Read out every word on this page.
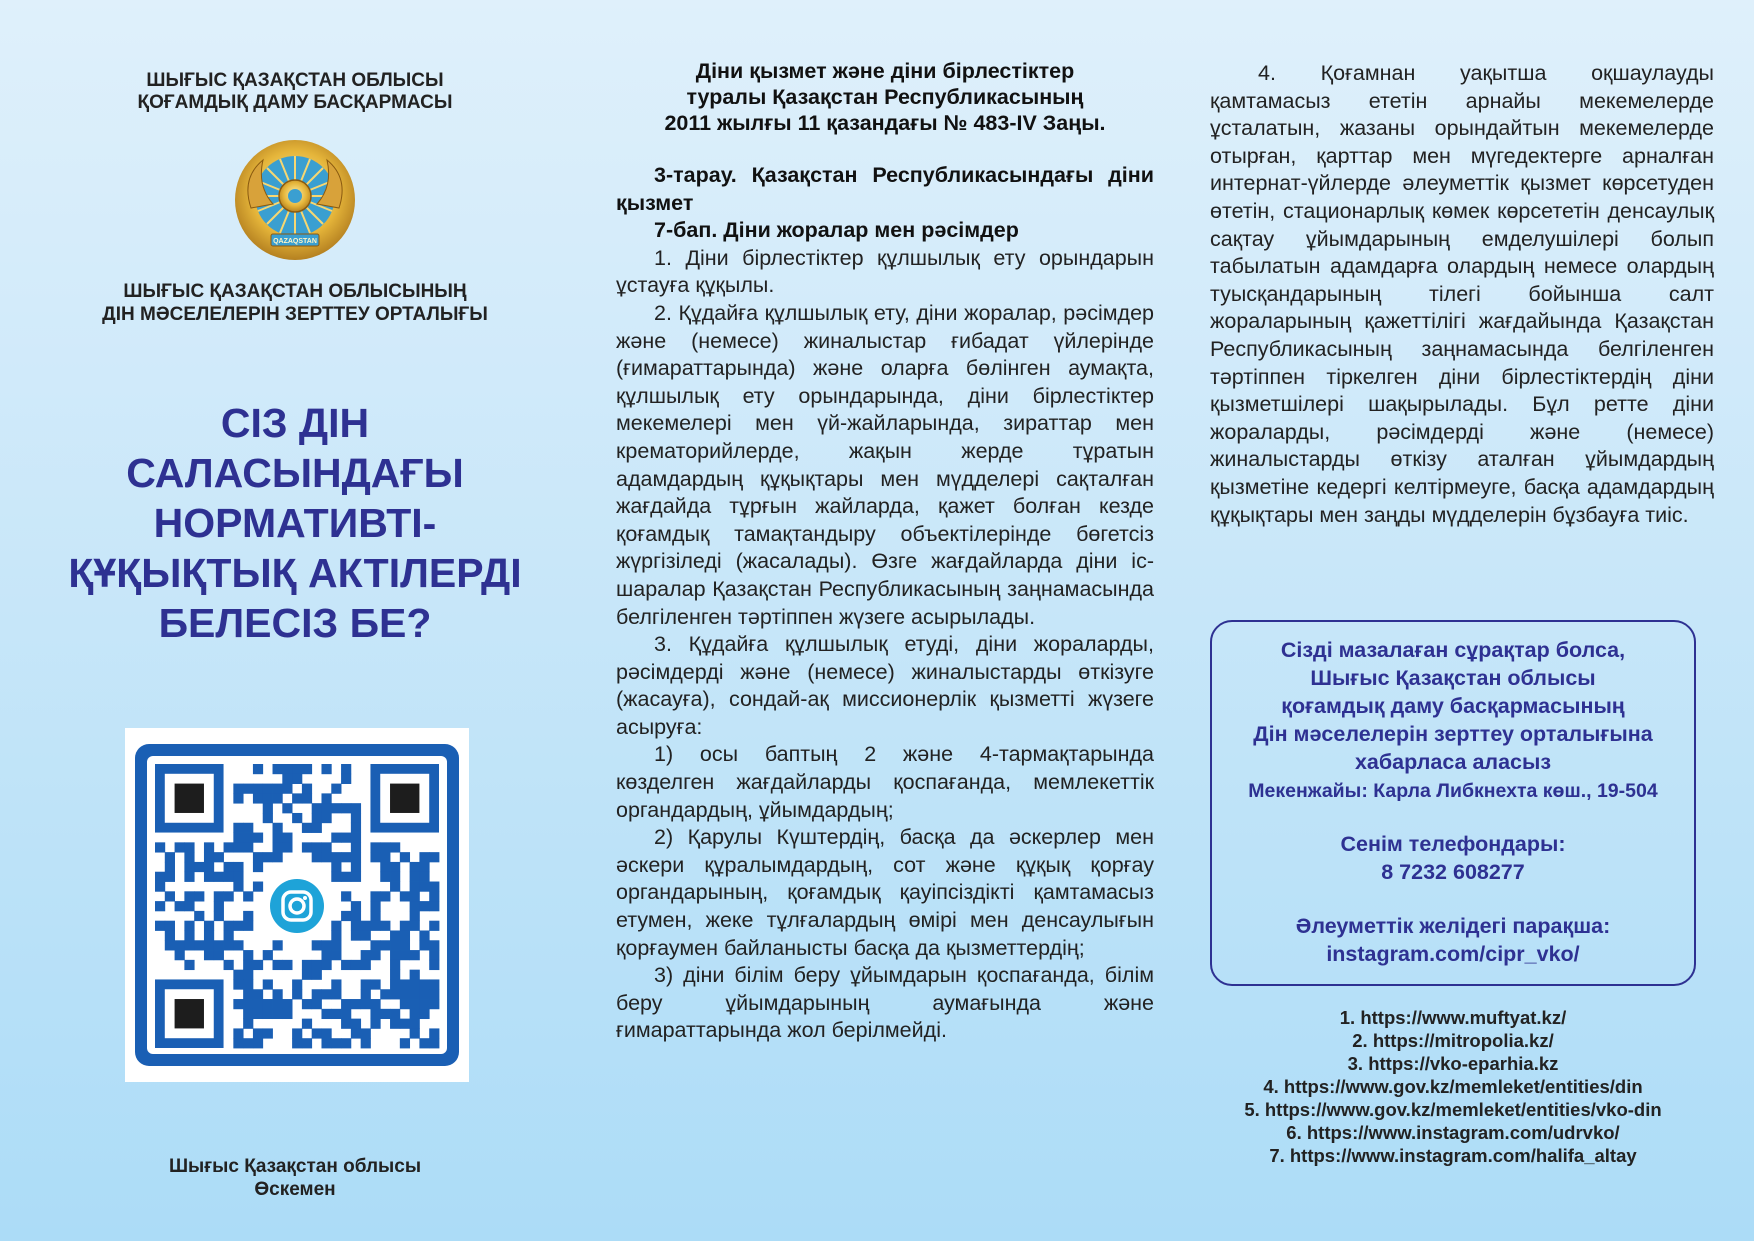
ШЫҒЫС ҚАЗАҚСТАН ОБЛЫСЫ
ҚОҒАМДЫҚ ДАМУ БАСҚАРМАСЫ
QAZAQSTAN
ШЫҒЫС ҚАЗАҚСТАН ОБЛЫСЫНЫҢ
ДІН МӘСЕЛЕЛЕРІН ЗЕРТТЕУ ОРТАЛЫҒЫ
СІЗ ДІН
САЛАСЫНДАҒЫ
НОРМАТИВТІ-
ҚҰҚЫҚТЫҚ АКТІЛЕРДІ
БЕЛЕСІЗ БЕ?
Шығыс Қазақстан облысы
Өскемен
Діни қызмет және діни бірлестіктер
туралы Қазақстан Республикасының
2011 жылғы 11 қазандағы № 483-IV Заңы.
3-тарау. Қазақстан Республикасындағы діни қызмет
7-бап. Діни жоралар мен рәсімдер

1. Діни бірлестіктер құлшылық ету орындарын ұстауға құқылы.

2. Құдайға құлшылық ету, діни жоралар, рәсімдер және (немесе) жиналыстар ғибадат үйлерінде (ғимараттарында) және оларға бөлінген аумақта, құлшылық ету орындарында, діни бірлестіктер мекемелері мен үй-жайларында, зираттар мен крематорийлерде, жақын жерде тұратын адамдардың құқықтары мен мүдделері сақталған жағдайда тұрғын жайларда, қажет болған кезде қоғамдық тамақтандыру объектілерінде бөгетсіз жүргізіледі (жасалады). Өзге жағдайларда діни іс-шаралар Қазақстан Республикасының заңнамасында белгіленген тәртіппен жүзеге асырылады.

3. Құдайға құлшылық етуді, діни жораларды, рәсімдерді және (немесе) жиналыстарды өткізуге (жасауға), сондай-ақ миссионерлік қызметті жүзеге асыруға:

1) осы баптың 2 және 4-тармақтарында көзделген жағдайларды қоспағанда, мемлекеттік органдардың, ұйымдардың;

2) Қарулы Күштердің, басқа да әскерлер мен әскери құралымдардың, сот және құқық қорғау органдарының, қоғамдық қауіпсіздікті қамтамасыз етумен, жеке тұлғалардың өмірі мен денсаулығын қорғаумен байланысты басқа да қызметтердің;

3) діни білім беру ұйымдарын қоспағанда, білім беру ұйымдарының аумағында және ғимараттарында жол берілмейді.

4. Қоғамнан уақытша оқшаулауды қамтамасыз ететін арнайы мекемелерде ұсталатын, жазаны орындайтын мекемелерде отырған, қарттар мен мүгедектерге арналған интернат-үйлерде әлеуметтік қызмет көрсетуден өтетін, стационарлық көмек көрсететін денсаулық сақтау ұйымдарының емделушілері болып табылатын адамдарға олардың немесе олардың туысқандарының тілегі бойынша салт жораларының қажеттілігі жағдайында Қазақстан Республикасының заңнамасында белгіленген тәртіппен тіркелген діни бірлестіктердің діни қызметшілері шақырылады. Бұл ретте діни жораларды, рәсімдерді және (немесе) жиналыстарды өткізу аталған ұйымдардың қызметіне кедергі келтірмеуге, басқа адамдардың құқықтары мен заңды мүдделерін бұзбауға тиіс.

Сізді мазалаған сұрақтар болса,
Шығыс Қазақстан облысы
қоғамдық даму басқармасының
Дін мәселелерін зерттеу орталығына
хабарласа аласыз
Мекенжайы: Карла Либкнехта көш., 19-504
Сенім телефондары:
8 7232 608277
Әлеуметтік желідегі парақша:
instagram.com/cipr_vko/
1. https://www.muftyat.kz/
2. https://mitropolia.kz/
3. https://vko-eparhia.kz
4. https://www.gov.kz/memleket/entities/din
5. https://www.gov.kz/memleket/entities/vko-din
6. https://www.instagram.com/udrvko/
7. https://www.instagram.com/halifa_altay
